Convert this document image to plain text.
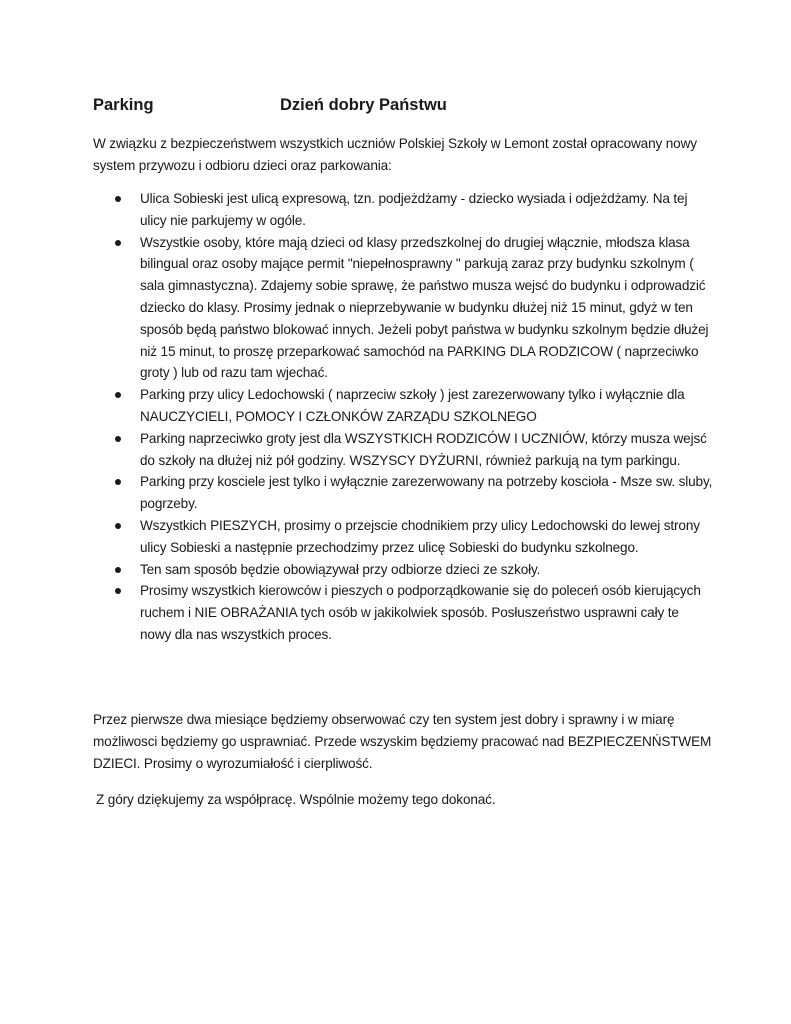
Parking	Dzień dobry Państwu
W związku z bezpieczeństwem wszystkich uczniów Polskiej Szkoły w Lemont został opracowany nowy system przywozu i odbioru dzieci oraz parkowania:
Ulica Sobieski jest ulicą expresową, tzn. podjeżdżamy - dziecko wysiada i odjeżdżamy. Na tej ulicy nie parkujemy w ogóle.
Wszystkie osoby, które mają dzieci od klasy przedszkolnej do drugiej włącznie, młodsza klasa bilingual oraz osoby mające permit "niepełnosprawny " parkują zaraz przy budynku szkolnym ( sala gimnastyczna). Zdajemy sobie sprawę, że państwo musza wejsć do budynku i odprowadzić dziecko do klasy. Prosimy jednak o nieprzebywanie w budynku dłużej niż 15 minut, gdyż w ten sposób będą państwo blokować innych. Jeżeli pobyt państwa w budynku szkolnym będzie dłużej niż 15 minut, to proszę przeparkować samochód na PARKING DLA RODZICOW ( naprzeciwko groty ) lub od razu tam wjechać.
Parking przy ulicy Ledochowski ( naprzeciw szkoły ) jest zarezerwowany tylko i wyłącznie dla NAUCZYCIELI, POMOCY I CZŁONKÓW ZARZĄDU SZKOLNEGO
Parking naprzeciwko groty jest dla WSZYSTKICH RODZICÓW I UCZNIÓW, którzy musza wejsć do szkoły na dłużej niż pół godziny. WSZYSCY DYŻURNI, również parkują na tym parkingu.
Parking przy kosciele jest tylko i wyłącznie zarezerwowany na potrzeby koscioła - Msze sw. sluby, pogrzeby.
Wszystkich PIESZYCH, prosimy o przejscie chodnikiem przy ulicy Ledochowski do lewej strony ulicy Sobieski a następnie przechodzimy przez ulicę Sobieski do budynku szkolnego.
Ten sam sposób będzie obowiązywał przy odbiorze dzieci ze szkoły.
Prosimy wszystkich kierowców i pieszych o podporządkowanie się do poleceń osób kierujących ruchem i NIE OBRAŻANIA tych osób w jakikolwiek sposób. Posłuszeństwo usprawni cały te nowy dla nas wszystkich proces.
Przez pierwsze dwa miesiące będziemy obserwować czy ten system jest dobry i sprawny i w miarę możliwosci będziemy go usprawniać. Przede wszyskim będziemy pracować nad BEZPIECZENŃSTWEM DZIECI. Prosimy o wyrozumiałość i cierpliwość.
Z góry dziękujemy za współpracę. Wspólnie możemy tego dokonać.
